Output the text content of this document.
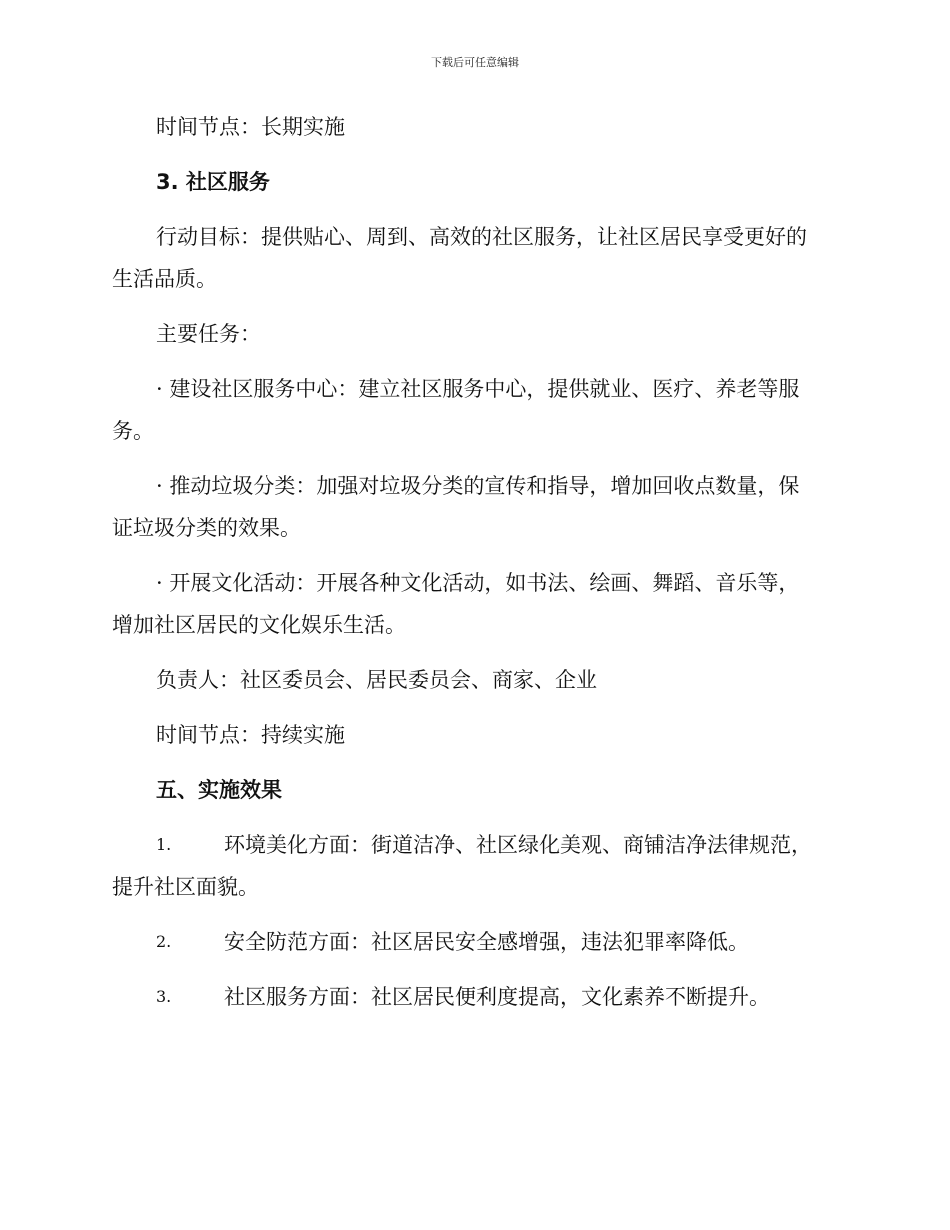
下载后可任意编辑
时间节点：长期实施
3. 社区服务
行动目标：提供贴心、周到、高效的社区服务，让社区居民享受更好的
生活品质。
主要任务：
· 建设社区服务中心：建立社区服务中心，提供就业、医疗、养老等服
务。
· 推动垃圾分类：加强对垃圾分类的宣传和指导，增加回收点数量，保
证垃圾分类的效果。
· 开展文化活动：开展各种文化活动，如书法、绘画、舞蹈、音乐等，
增加社区居民的文化娱乐生活。
负责人：社区委员会、居民委员会、商家、企业
时间节点：持续实施
五、实施效果
1.	环境美化方面：街道洁净、社区绿化美观、商铺洁净法律规范，
提升社区面貌。
2.	安全防范方面：社区居民安全感增强，违法犯罪率降低。
3.	社区服务方面：社区居民便利度提高，文化素养不断提升。
